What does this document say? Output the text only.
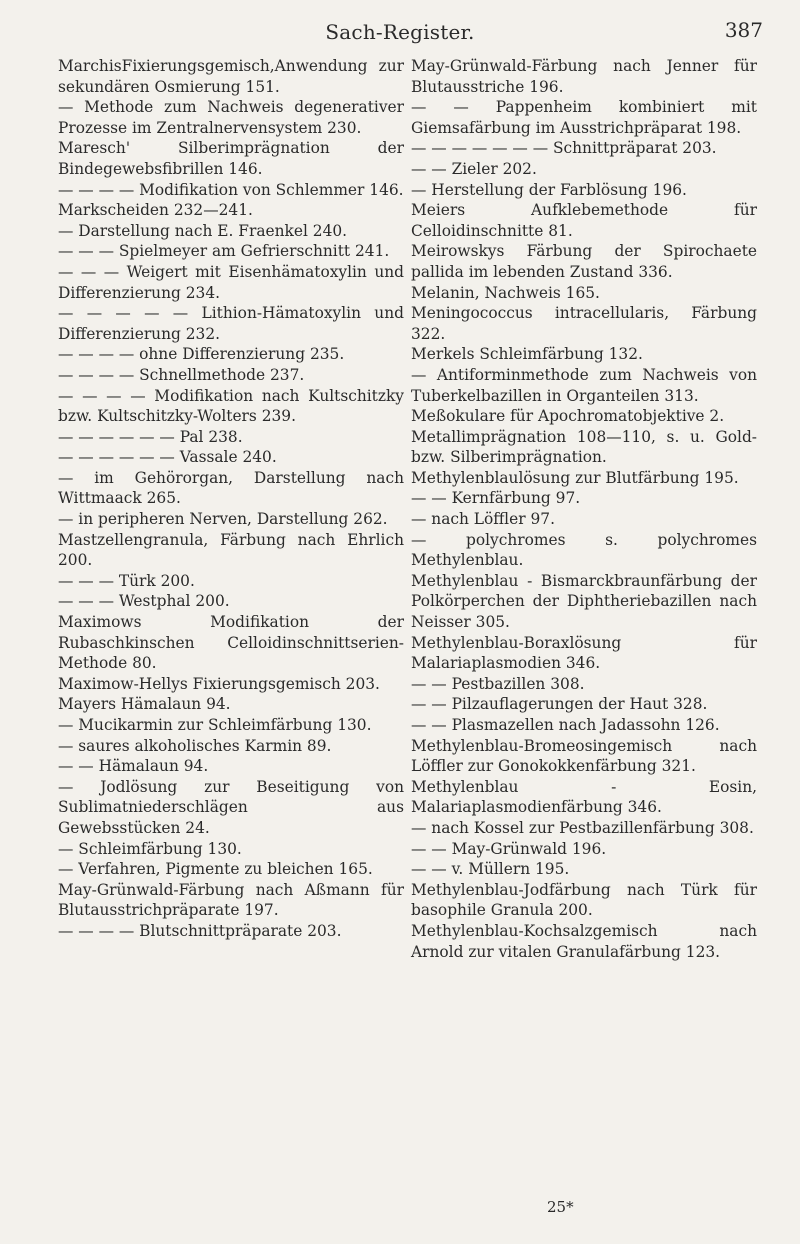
Sach-Register.	387

MarchisFixierungsgemisch,Anwendung zur sekundären Osmierung 151.

— Methode zum Nachweis degenerativer Prozesse im Zentralnervensystem 230.

Maresch' Silberimprägnation der Bindegewebsfibrillen 146.

— — — — Modifikation von Schlemmer 146.

Markscheiden 232—241.

— Darstellung nach E. Fraenkel 240.

— — — Spielmeyer am Gefrierschnitt 241.

— — — Weigert mit Eisenhämatoxylin und Differenzierung 234.

— — — — — Lithion-Hämatoxylin und Differenzierung 232.

— — — — ohne Differenzierung 235.

— — — — Schnellmethode 237.

— — — — Modifikation nach Kultschitzky bzw. Kultschitzky-Wolters 239.

— — — — — — Pal 238.

— — — — — — Vassale 240.

— im Gehörorgan, Darstellung nach Wittmaack 265.

— in peripheren Nerven, Darstellung 262.

Mastzellengranula, Färbung nach Ehrlich 200.

— — — Türk 200.

— — — Westphal 200.

Maximows Modifikation der Rubaschkinschen Celloidinschnittserien-Methode 80.

Maximow-Hellys Fixierungsgemisch 203.

Mayers Hämalaun 94.

— Mucikarmin zur Schleimfärbung 130.

— saures alkoholisches Karmin 89.

— — Hämalaun 94.

— Jodlösung zur Beseitigung von Sublimatniederschlägen aus Gewebsstücken 24.

— Schleimfärbung 130.

— Verfahren, Pigmente zu bleichen 165.

May-Grünwald-Färbung nach Aßmann für Blutausstrichpräparate 197.

— — — — Blutschnittpräparate 203.

May-Grünwald-Färbung nach Jenner für Blutausstriche 196.

— — Pappenheim kombiniert mit Giemsafärbung im Ausstrichpräparat 198.

— — — — — — — Schnittpräparat 203.

— — Zieler 202.

— Herstellung der Farblösung 196.

Meiers Aufklebemethode für Celloidinschnitte 81.

Meirowskys Färbung der Spirochaete pallida im lebenden Zustand 336.

Melanin, Nachweis 165.

Meningococcus intracellularis, Färbung 322.

Merkels Schleimfärbung 132.

— Antiforminmethode zum Nachweis von Tuberkelbazillen in Organteilen 313.

Meßokulare für Apochromatobjektive 2.

Metallimprägnation 108—110, s. u. Gold- bzw. Silberimprägnation.

Methylenblaulösung zur Blutfärbung 195.

— — Kernfärbung 97.

— nach Löffler 97.

— polychromes s. polychromes Methylenblau.

Methylenblau - Bismarckbraunfärbung der Polkörperchen der Diphtheriebazillen nach Neisser 305.

Methylenblau-Boraxlösung für Malariaplasmodien 346.

— — Pestbazillen 308.

— — Pilzauflagerungen der Haut 328.

— — Plasmazellen nach Jadassohn 126.

Methylenblau-Bromeosingemisch nach Löffler zur Gonokokkenfärbung 321.

Methylenblau - Eosin, Malariaplasmodienfärbung 346.

— nach Kossel zur Pestbazillenfärbung 308.

— — May-Grünwald 196.

— — v. Müllern 195.

Methylenblau-Jodfärbung nach Türk für basophile Granula 200.

Methylenblau-Kochsalzgemisch nach Arnold zur vitalen Granulafärbung 123.

25*
